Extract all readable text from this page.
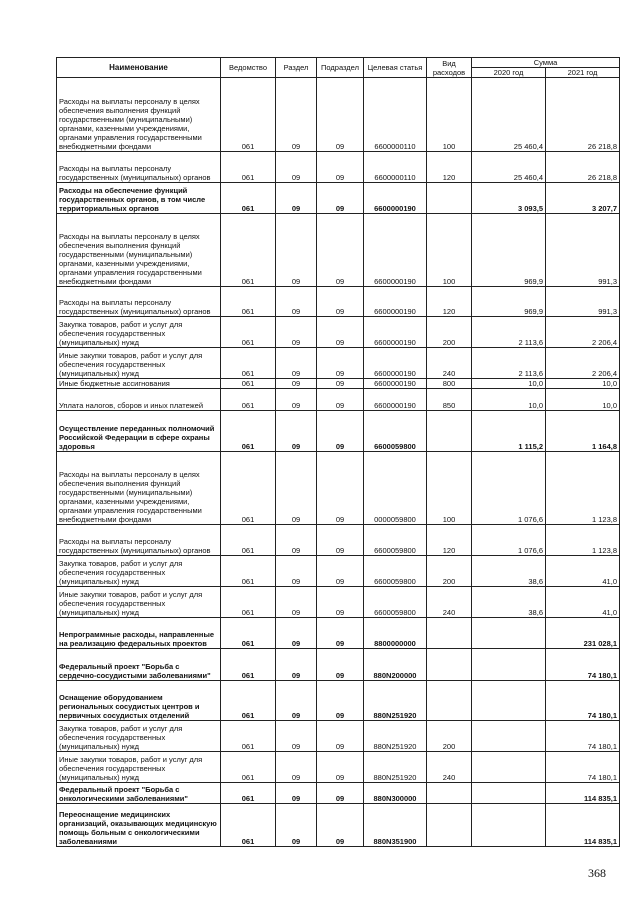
Наименование	Ведомство	Раздел	Подраздел	Целевая статья	Вид расходов	Сумма	
						2020 год	2021 год
Расходы на выплаты персоналу в целях обеспечения выполнения функций государственными (муниципальными) органами, казенными учреждениями, органами управления государственными внебюджетными фондами	061	09	09	6600000110	100	25 460,4	26 218,8
Расходы на выплаты персоналу государственных (муниципальных) органов	061	09	09	6600000110	120	25 460,4	26 218,8
Расходы на обеспечение функций государственных органов, в том числе территориальных органов	061	09	09	6600000190		3 093,5	3 207,7
Расходы на выплаты персоналу в целях обеспечения выполнения функций государственными (муниципальными) органами, казенными учреждениями, органами управления государственными внебюджетными фондами	061	09	09	6600000190	100	969,9	991,3
Расходы на выплаты персоналу государственных (муниципальных) органов	061	09	09	6600000190	120	969,9	991,3
Закупка товаров, работ и услуг для обеспечения государственных (муниципальных) нужд	061	09	09	6600000190	200	2 113,6	2 206,4
Иные закупки товаров, работ и услуг для обеспечения государственных (муниципальных) нужд	061	09	09	6600000190	240	2 113,6	2 206,4
Иные бюджетные ассигнования	061	09	09	6600000190	800	10,0	10,0
Уплата налогов, сборов и иных платежей	061	09	09	6600000190	850	10,0	10,0
Осуществление переданных полномочий Российской Федерации в сфере охраны здоровья	061	09	09	6600059800		1 115,2	1 164,8
Расходы на выплаты персоналу в целях обеспечения выполнения функций государственными (муниципальными) органами, казенными учреждениями, органами управления государственными внебюджетными фондами	061	09	09	0000059800	100	1 076,6	1 123,8
Расходы на выплаты персоналу государственных (муниципальных) органов	061	09	09	6600059800	120	1 076,6	1 123,8
Закупка товаров, работ и услуг для обеспечения государственных (муниципальных) нужд	061	09	09	6600059800	200	38,6	41,0
Иные закупки товаров, работ и услуг для обеспечения государственных (муниципальных) нужд	061	09	09	6600059800	240	38,6	41,0
Непрограммные расходы, направленные на реализацию федеральных проектов	061	09	09	8800000000			231 028,1
Федеральный проект "Борьба с сердечно-сосудистыми заболеваниями"	061	09	09	880N200000			74 180,1
Оснащение оборудованием региональных сосудистых центров и первичных сосудистых отделений	061	09	09	880N251920			74 180,1
Закупка товаров, работ и услуг для обеспечения государственных (муниципальных) нужд	061	09	09	880N251920	200		74 180,1
Иные закупки товаров, работ и услуг для обеспечения государственных (муниципальных) нужд	061	09	09	880N251920	240		74 180,1
Федеральный проект "Борьба с онкологическими заболеваниями"	061	09	09	880N300000			114 835,1
Переоснащение медицинских организаций, оказывающих медицинскую помощь больным с онкологическими заболеваниями	061	09	09	880N351900			114 835,1
368
